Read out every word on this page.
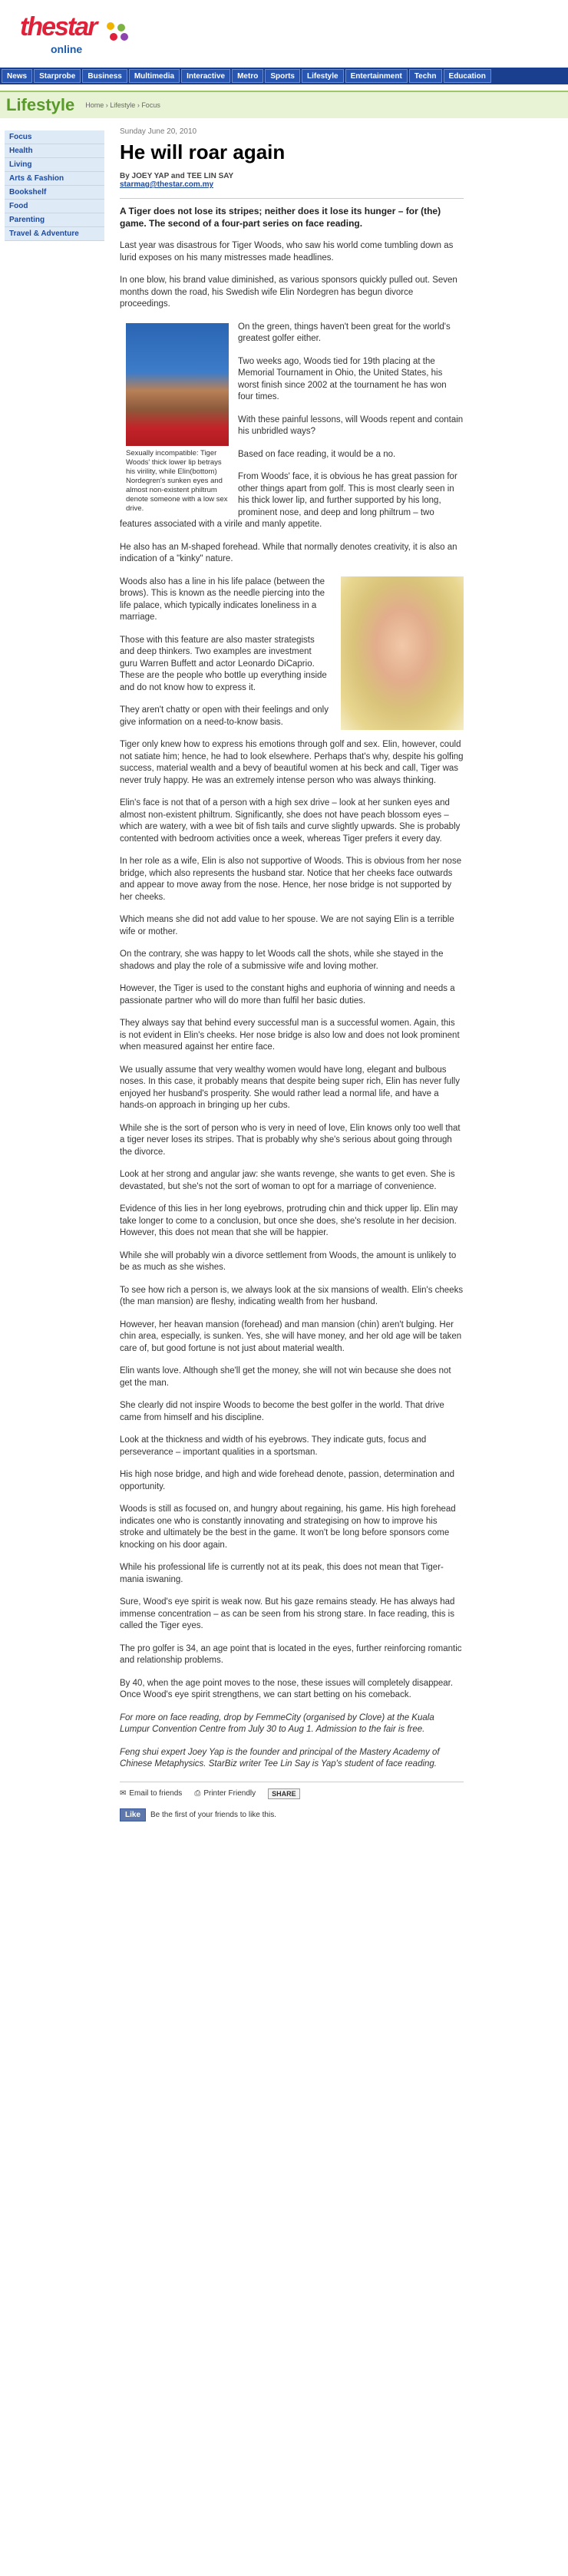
thestar
online
News	Starprobe	Business	Multimedia	Interactive	Metro	Sports	Lifestyle	Entertainment	Techn	Education
Lifestyle Home › Lifestyle › Focus
Focus
Health
Living
Arts & Fashion
Bookshelf
Food
Parenting
Travel & Adventure
Sunday June 20, 2010
He will roar again
By JOEY YAP and TEE LIN SAY
starmag@thestar.com.my
A Tiger does not lose its stripes; neither does it lose its hunger – for (the) game. The second of a four-part series on face reading.

Last year was disastrous for Tiger Woods, who saw his world come tumbling down as lurid exposes on his many mistresses made headlines.

In one blow, his brand value diminished, as various sponsors quickly pulled out. Seven months down the road, his Swedish wife Elin Nordegren has begun divorce proceedings.

Sexually incompatible: Tiger Woods' thick lower lip betrays his virility, while Elin(bottom) Nordegren's sunken eyes and almost non-existent philtrum denote someone with a low sex drive.

On the green, things haven't been great for the world's greatest golfer either.

Two weeks ago, Woods tied for 19th placing at the Memorial Tournament in Ohio, the United States, his worst finish since 2002 at the tournament he has won four times.

With these painful lessons, will Woods repent and contain his unbridled ways?

Based on face reading, it would be a no.

From Woods' face, it is obvious he has great passion for other things apart from golf. This is most clearly seen in his thick lower lip, and further supported by his long, prominent nose, and deep and long philtrum – two features associated with a virile and manly appetite.

He also has an M-shaped forehead. While that normally denotes creativity, it is also an indication of a "kinky" nature.

Woods also has a line in his life palace (between the brows). This is known as the needle piercing into the life palace, which typically indicates loneliness in a marriage.

Those with this feature are also master strategists and deep thinkers. Two examples are investment guru Warren Buffett and actor Leonardo DiCaprio. These are the people who bottle up everything inside and do not know how to express it.

They aren't chatty or open with their feelings and only give information on a need-to-know basis.

Tiger only knew how to express his emotions through golf and sex. Elin, however, could not satiate him; hence, he had to look elsewhere. Perhaps that's why, despite his golfing success, material wealth and a bevy of beautiful women at his beck and call, Tiger was never truly happy. He was an extremely intense person who was always thinking.

Elin's face is not that of a person with a high sex drive – look at her sunken eyes and almost non-existent philtrum. Significantly, she does not have peach blossom eyes – which are watery, with a wee bit of fish tails and curve slightly upwards. She is probably contented with bedroom activities once a week, whereas Tiger prefers it every day.

In her role as a wife, Elin is also not supportive of Woods. This is obvious from her nose bridge, which also represents the husband star. Notice that her cheeks face outwards and appear to move away from the nose. Hence, her nose bridge is not supported by her cheeks.

Which means she did not add value to her spouse. We are not saying Elin is a terrible wife or mother.

On the contrary, she was happy to let Woods call the shots, while she stayed in the shadows and play the role of a submissive wife and loving mother.

However, the Tiger is used to the constant highs and euphoria of winning and needs a passionate partner who will do more than fulfil her basic duties.

They always say that behind every successful man is a successful women. Again, this is not evident in Elin's cheeks. Her nose bridge is also low and does not look prominent when measured against her entire face.

We usually assume that very wealthy women would have long, elegant and bulbous noses. In this case, it probably means that despite being super rich, Elin has never fully enjoyed her husband's prosperity. She would rather lead a normal life, and have a hands-on approach in bringing up her cubs.

While she is the sort of person who is very in need of love, Elin knows only too well that a tiger never loses its stripes. That is probably why she's serious about going through the divorce.

Look at her strong and angular jaw: she wants revenge, she wants to get even. She is devastated, but she's not the sort of woman to opt for a marriage of convenience.

Evidence of this lies in her long eyebrows, protruding chin and thick upper lip. Elin may take longer to come to a conclusion, but once she does, she's resolute in her decision. However, this does not mean that she will be happier.

While she will probably win a divorce settlement from Woods, the amount is unlikely to be as much as she wishes.

To see how rich a person is, we always look at the six mansions of wealth. Elin's cheeks (the man mansion) are fleshy, indicating wealth from her husband.

However, her heavan mansion (forehead) and man mansion (chin) aren't bulging. Her chin area, especially, is sunken. Yes, she will have money, and her old age will be taken care of, but good fortune is not just about material wealth.

Elin wants love. Although she'll get the money, she will not win because she does not get the man.

She clearly did not inspire Woods to become the best golfer in the world. That drive came from himself and his discipline.

Look at the thickness and width of his eyebrows. They indicate guts, focus and perseverance – important qualities in a sportsman.

His high nose bridge, and high and wide forehead denote, passion, determination and opportunity.

Woods is still as focused on, and hungry about regaining, his game. His high forehead indicates one who is constantly innovating and strategising on how to improve his stroke and ultimately be the best in the game. It won't be long before sponsors come knocking on his door again.

While his professional life is currently not at its peak, this does not mean that Tiger-mania iswaning.

Sure, Wood's eye spirit is weak now. But his gaze remains steady. He has always had immense concentration – as can be seen from his strong stare. In face reading, this is called the Tiger eyes.

The pro golfer is 34, an age point that is located in the eyes, further reinforcing romantic and relationship problems.

By 40, when the age point moves to the nose, these issues will completely disappear. Once Wood's eye spirit strengthens, we can start betting on his comeback.

For more on face reading, drop by FemmeCity (organised by Clove) at the Kuala Lumpur Convention Centre from July 30 to Aug 1. Admission to the fair is free.

Feng shui expert Joey Yap is the founder and principal of the Mastery Academy of Chinese Metaphysics. StarBiz writer Tee Lin Say is Yap's student of face reading.

✉ Email to friends ⎙ Printer Friendly SHARE
Like	Be the first of your friends to like this.
